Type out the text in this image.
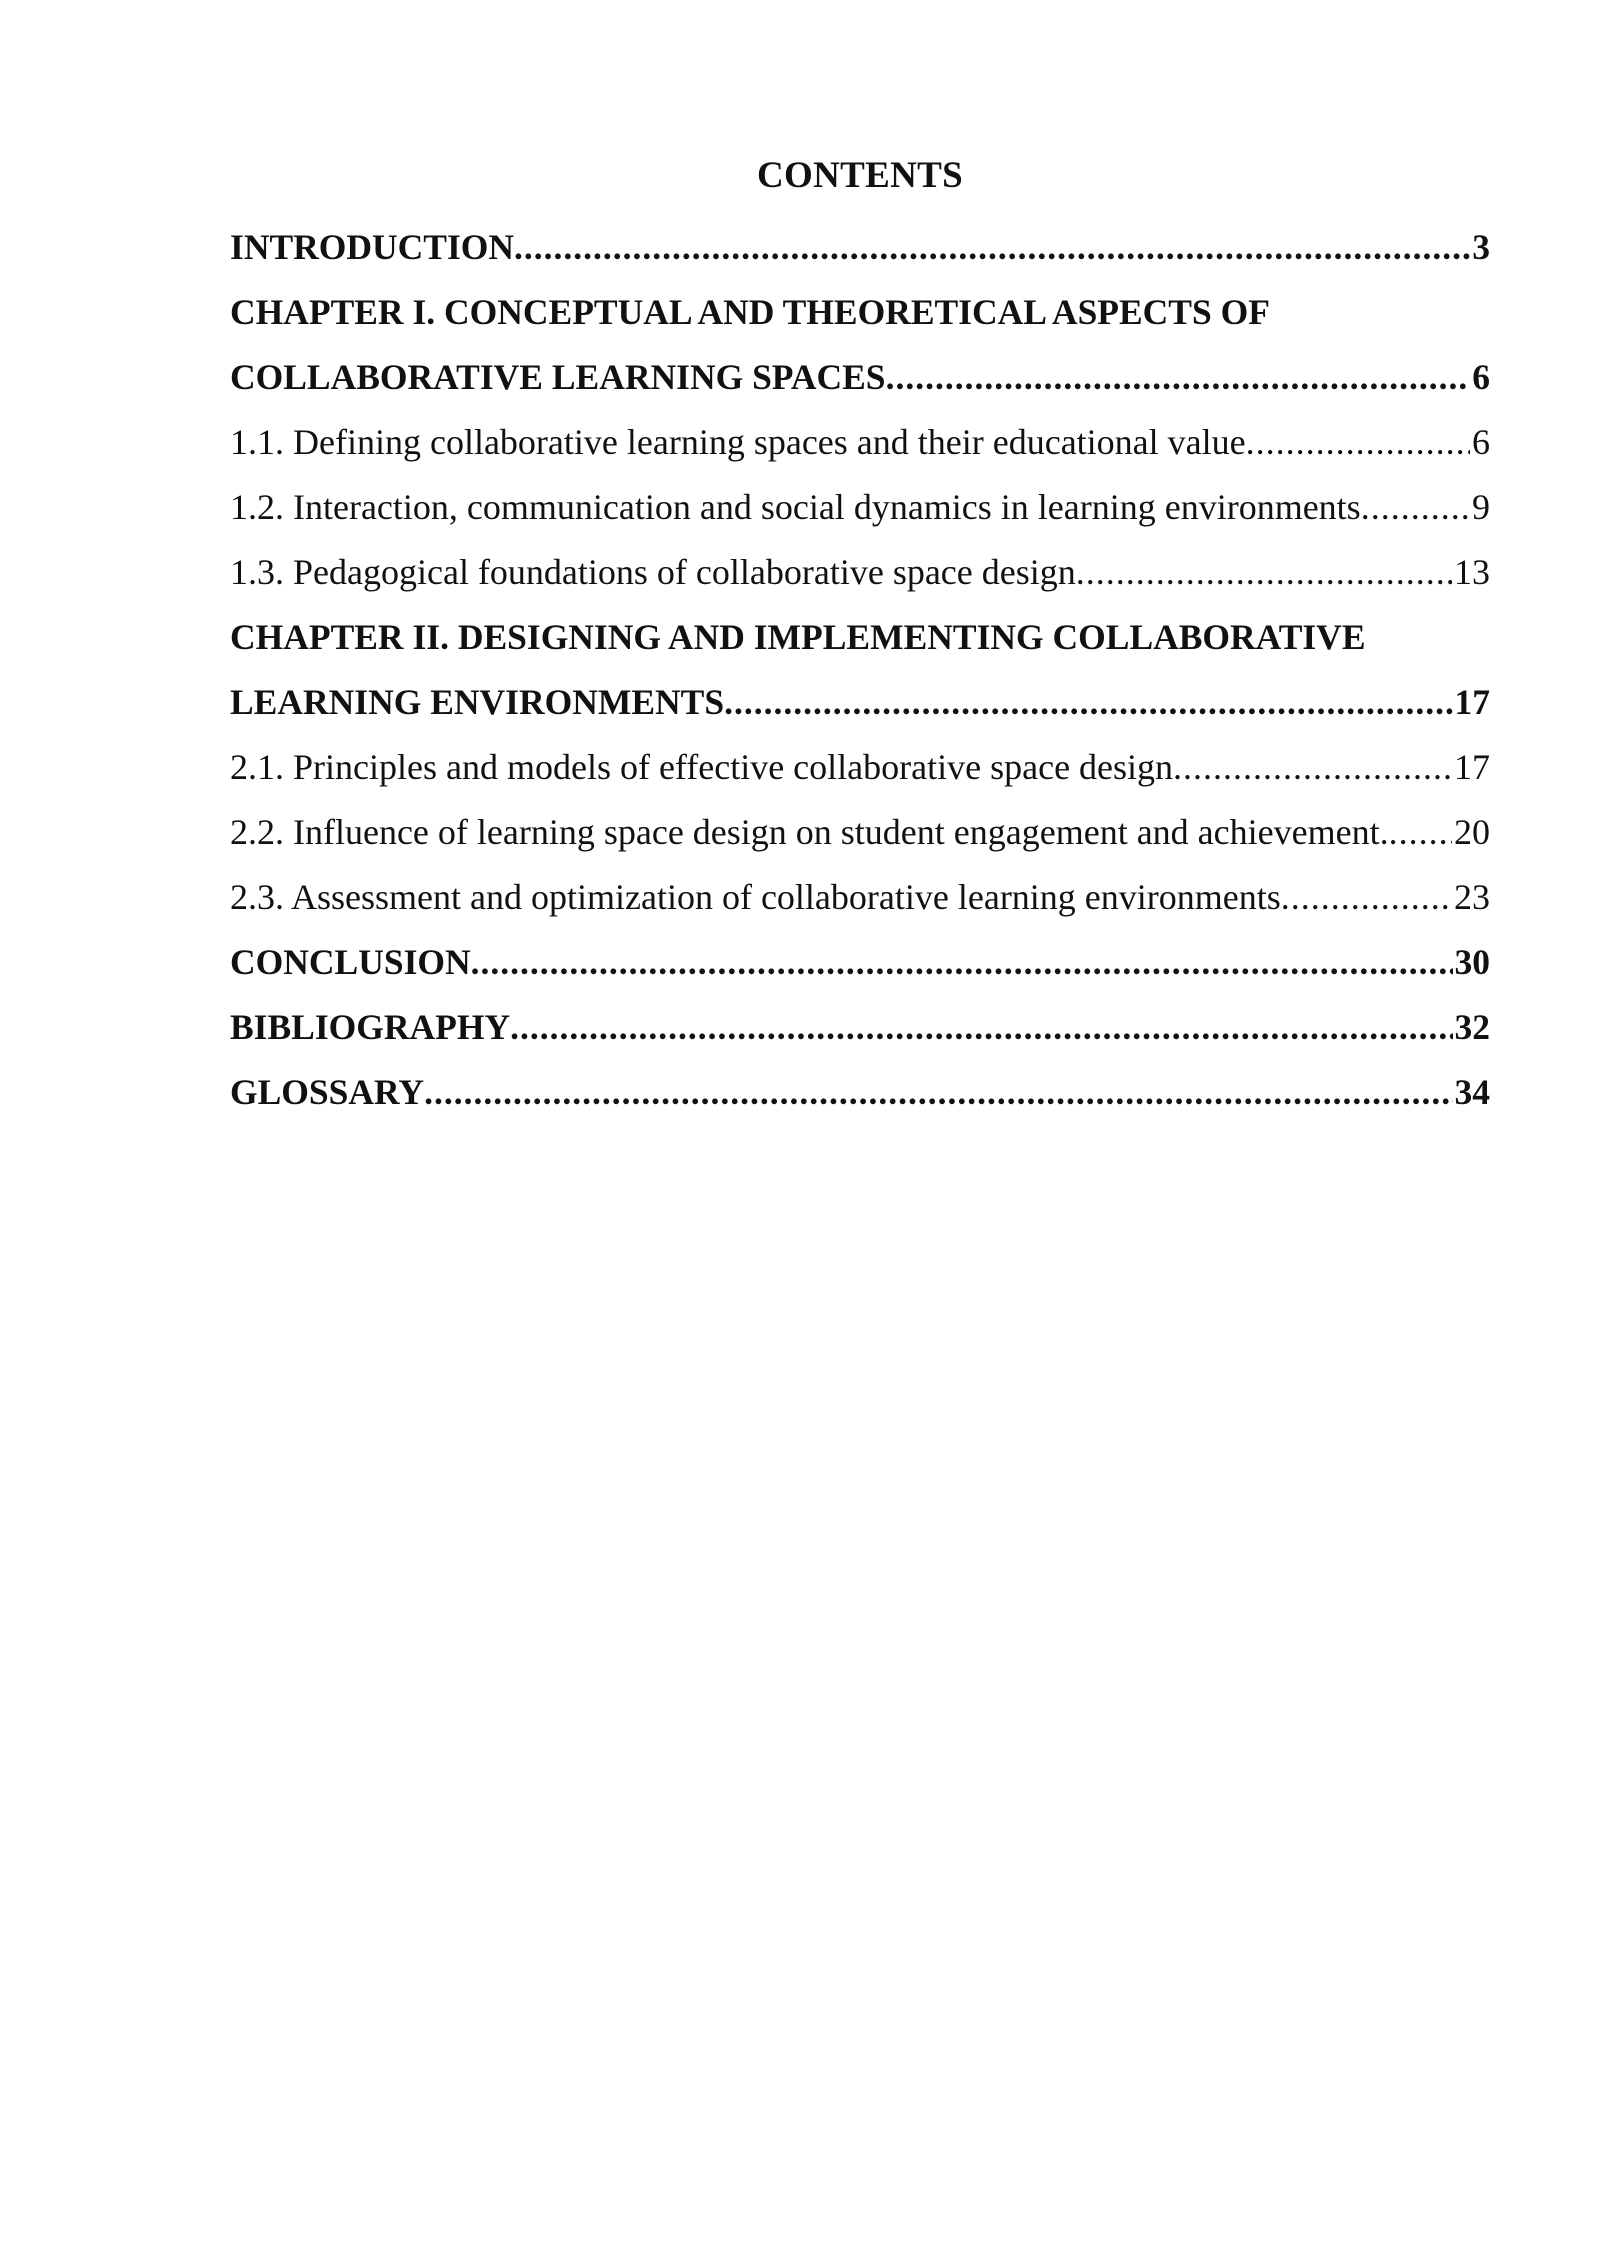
CONTENTS
INTRODUCTION .....	3
CHAPTER I. CONCEPTUAL AND THEORETICAL ASPECTS OF
COLLABORATIVE LEARNING SPACES .....	6
1.1. Defining collaborative learning spaces and their educational value .....	6
1.2. Interaction, communication and social dynamics in learning environments .....	9
1.3. Pedagogical foundations of collaborative space design .....	13
CHAPTER II. DESIGNING AND IMPLEMENTING COLLABORATIVE
LEARNING ENVIRONMENTS .....	17
2.1. Principles and models of effective collaborative space design .....	17
2.2. Influence of learning space design on student engagement and achievement. ..... 20
2.3. Assessment and optimization of collaborative learning environments .....	23
CONCLUSION .....	30
BIBLIOGRAPHY .....	32
GLOSSARY .....	34
